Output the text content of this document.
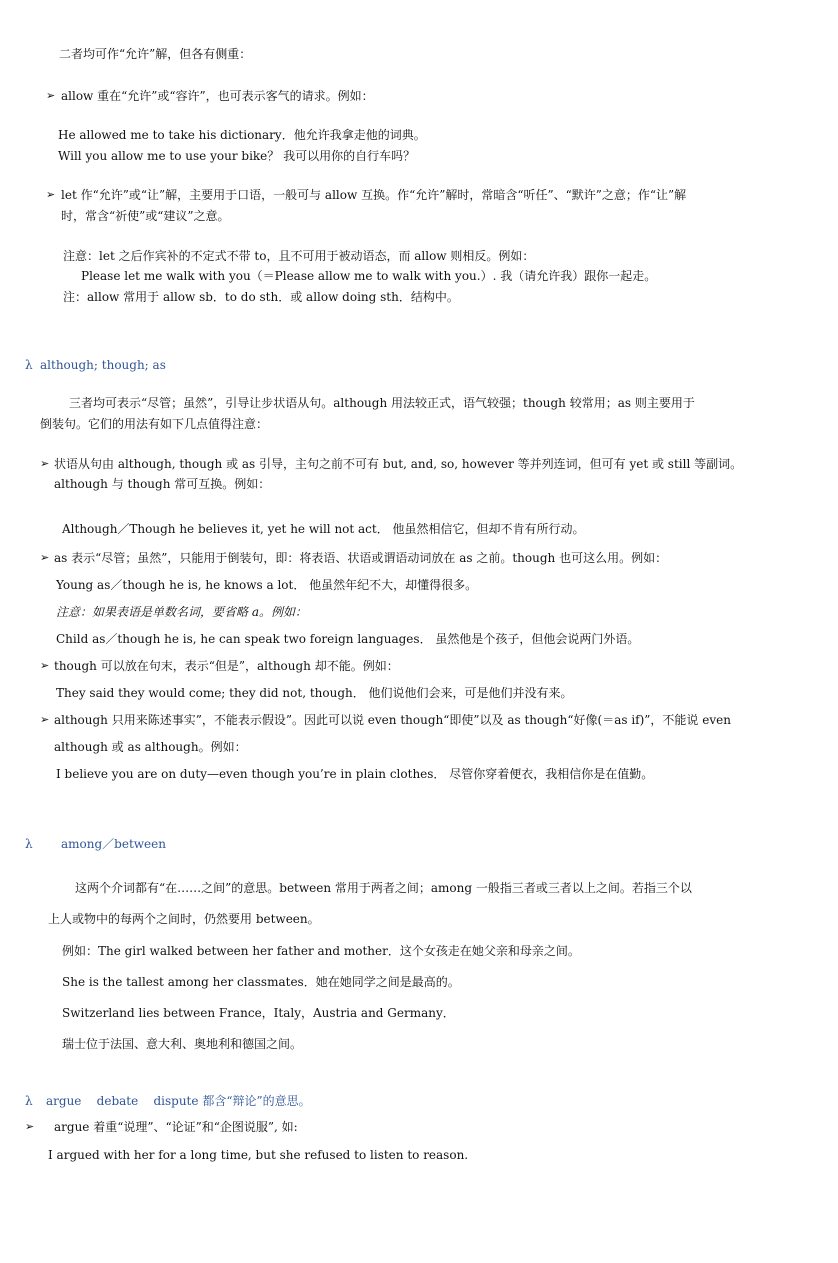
二者均可作“允许”解，但各有侧重：
➢ allow 重在“允许”或“容许”，也可表示客气的请求。例如：
He allowed me to take his dictionary．他允许我拿走他的词典。
Will you allow me to use your bike？ 我可以用你的自行车吗？
➢ let 作“允许”或“让”解，主要用于口语，一般可与 allow 互换。作“允许”解时，常暗含“听任”、“默许”之意；作“让”解
时，常含“祈使”或“建议”之意。
注意：let 之后作宾补的不定式不带 to，且不可用于被动语态，而 allow 则相反。例如：
Please let me walk with you（＝Please allow me to walk with you.）. 我（请允许我）跟你一起走。
注：allow 常用于 allow sb．to do sth．或 allow doing sth．结构中。
λ although; though; as
三者均可表示“尽管；虽然”，引导让步状语从句。although 用法较正式，语气较强；though 较常用；as 则主要用于
倒装句。它们的用法有如下几点值得注意：
➢ 状语从句由 although, though 或 as 引导，主句之前不可有 but, and, so, however 等并列连词，但可有 yet 或 still 等副词。
although 与 though 常可互换。例如：
Although／Though he believes it, yet he will not act． 他虽然相信它，但却不肯有所行动。
➢ as 表示“尽管；虽然”，只能用于倒装句，即：将表语、状语或谓语动词放在 as 之前。though 也可这么用。例如：
Young as／though he is, he knows a lot． 他虽然年纪不大，却懂得很多。
注意：如果表语是单数名词，要省略 a。例如：
Child as／though he is, he can speak two foreign languages． 虽然他是个孩子，但他会说两门外语。
➢ though 可以放在句末，表示“但是”，although 却不能。例如：
They said they would come; they did not, though． 他们说他们会来，可是他们并没有来。
➢ although 只用来陈述事实”，不能表示假设”。因此可以说 even though“即使”以及 as though“好像(＝as if)”，不能说 even
although 或 as although。例如：
I believe you are on duty—even though you’re in plain clothes． 尽管你穿着便衣，我相信你是在值勤。
λ among／between
这两个介词都有“在……之间”的意思。between 常用于两者之间；among 一般指三者或三者以上之间。若指三个以
上人或物中的每两个之间时，仍然要用 between。
例如：The girl walked between her father and mother．这个女孩走在她父亲和母亲之间。
She is the tallest among her classmates．她在她同学之间是最高的。
Switzerland lies between France，Italy，Austria and Germany．
瑞士位于法国、意大利、奥地利和德国之间。
λ argue    debate    dispute 都含“辩论”的意思。
➢ argue 着重“说理”、“论证”和“企图说服”, 如:
I argued with her for a long time, but she refused to listen to reason.
